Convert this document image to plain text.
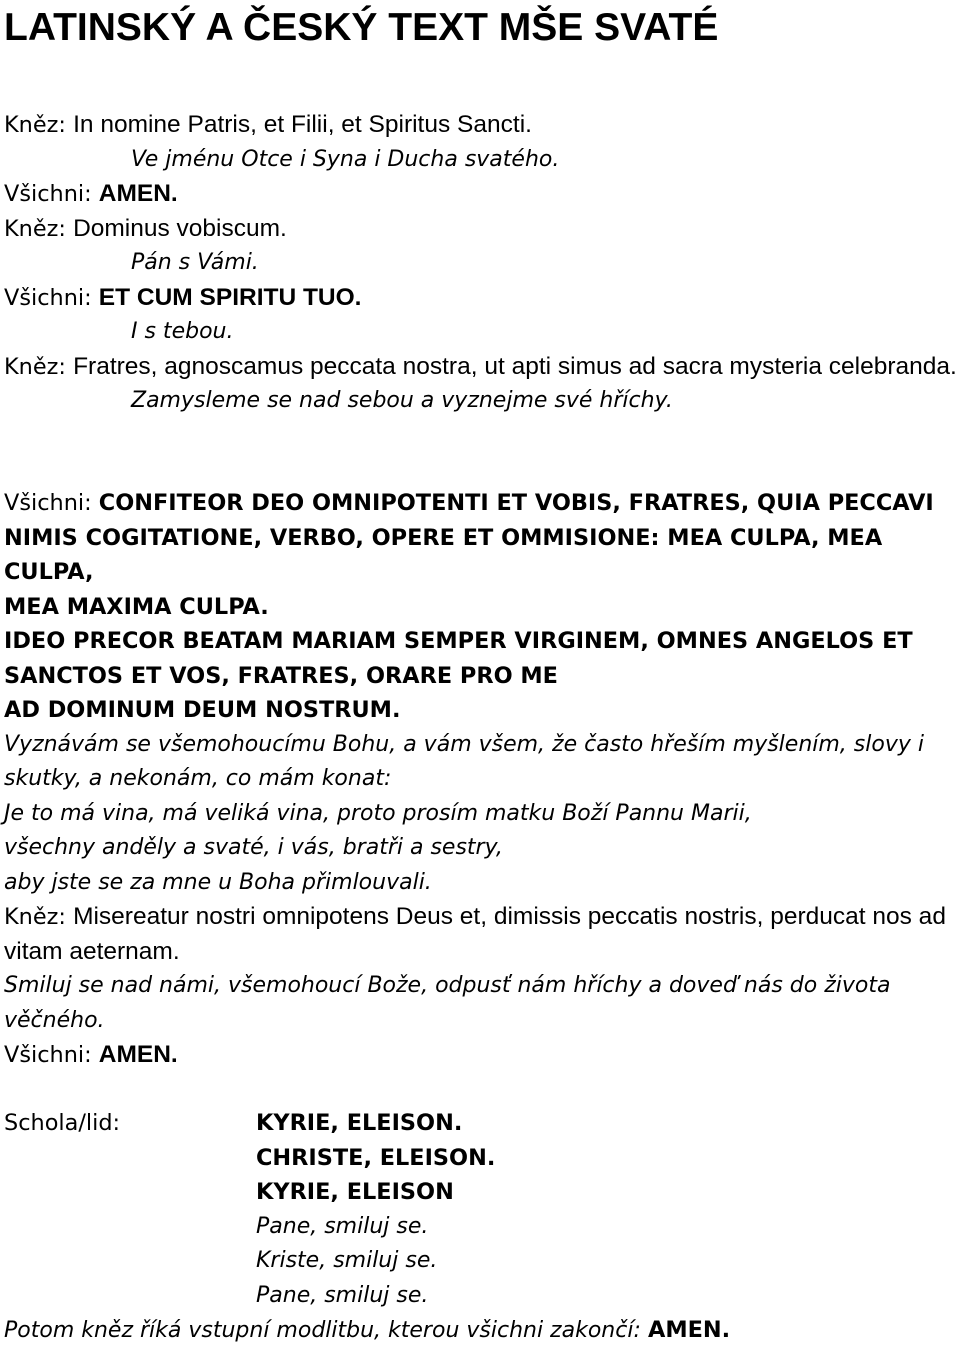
LATINSKÝ A ČESKÝ TEXT MŠE SVATÉ

Kněz: In nomine Patris, et Filii, et Spiritus Sancti.

Ve jménu Otce i Syna i Ducha svatého.

Všichni: AMEN.

Kněz: Dominus vobiscum.

Pán s Vámi.

Všichni: ET CUM SPIRITU TUO.

I s tebou.

Kněz: Fratres, agnoscamus peccata nostra, ut apti simus ad sacra mysteria celebranda.

Zamysleme se nad sebou a vyznejme své hříchy.

Všichni: CONFITEOR DEO OMNIPOTENTI ET VOBIS, FRATRES, QUIA PECCAVI NIMIS COGITATIONE, VERBO, OPERE ET OMMISIONE: MEA CULPA, MEA CULPA,

MEA MAXIMA CULPA.

IDEO PRECOR BEATAM MARIAM SEMPER VIRGINEM, OMNES ANGELOS ET SANCTOS ET VOS, FRATRES, ORARE PRO ME

AD DOMINUM DEUM NOSTRUM.

Vyznávám se všemohoucímu Bohu, a vám všem, že často hřeším myšlením, slovy i skutky, a nekonám, co mám konat:

Je to má vina, má veliká vina, proto prosím matku Boží Pannu Marii,

všechny anděly a svaté, i vás, bratři a sestry,

aby jste se za mne u Boha přimlouvali.

Kněz: Misereatur nostri omnipotens Deus et, dimissis peccatis nostris, perducat nos ad vitam aeternam.

Smiluj se nad námi, všemohoucí Bože, odpusť nám hříchy a doveď nás do života věčného.

Všichni: AMEN.

Schola/lid:	KYRIE, ELEISON.

CHRISTE, ELEISON.

KYRIE, ELEISON

Pane, smiluj se.

Kriste, smiluj se.

Pane, smiluj se.

Potom kněz říká vstupní modlitbu, kterou všichni zakončí: AMEN.
